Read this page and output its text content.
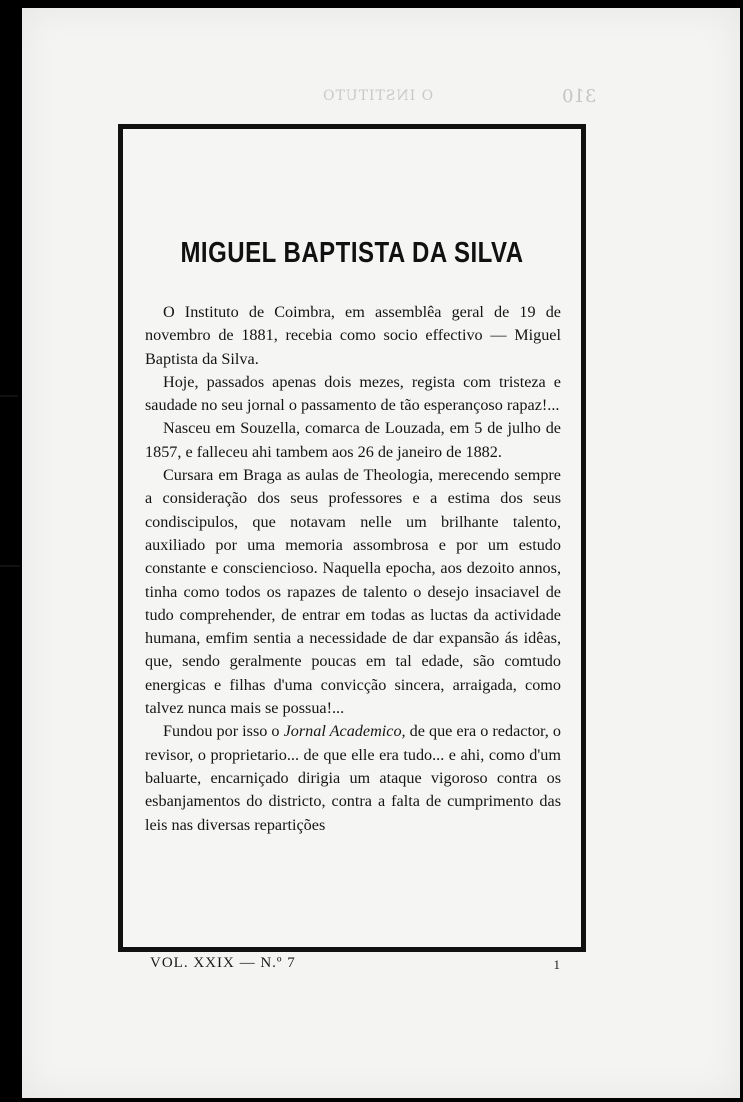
O INSTITUTO	310
MIGUEL BAPTISTA DA SILVA

O Instituto de Coimbra, em assemblêa geral de 19 de novembro de 1881, recebia como socio effectivo — Miguel Baptista da Silva.

Hoje, passados apenas dois mezes, regista com tristeza e saudade no seu jornal o passamento de tão esperançoso rapaz!...

Nasceu em Souzella, comarca de Louzada, em 5 de julho de 1857, e falleceu ahi tambem aos 26 de janeiro de 1882.

Cursara em Braga as aulas de Theologia, merecendo sempre a consideração dos seus professores e a estima dos seus condiscipulos, que notavam nelle um brilhante talento, auxiliado por uma memoria assombrosa e por um estudo constante e consciencioso. Naquella epocha, aos dezoito annos, tinha como todos os rapazes de talento o desejo insaciavel de tudo comprehender, de entrar em todas as luctas da actividade humana, emfim sentia a necessidade de dar expansão ás idêas, que, sendo geralmente poucas em tal edade, são comtudo energicas e filhas d'uma convicção sincera, arraigada, como talvez nunca mais se possua!...

Fundou por isso o Jornal Academico, de que era o redactor, o revisor, o proprietario... de que elle era tudo... e ahi, como d'um baluarte, encarniçado dirigia um ataque vigoroso contra os esbanjamentos do districto, contra a falta de cumprimento das leis nas diversas repartições

VOL. XXIX — N.º 7	1
